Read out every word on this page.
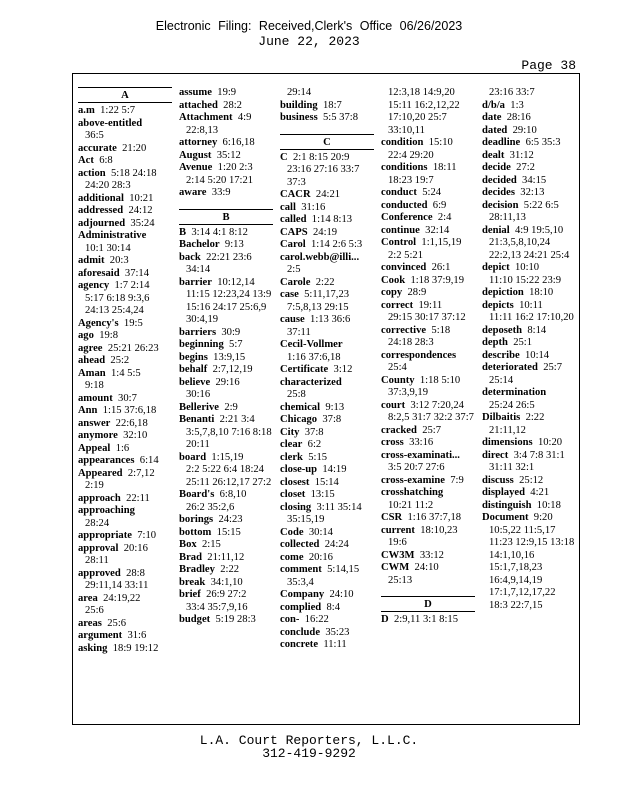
Electronic Filing: Received,Clerk's Office 06/26/2023
June 22, 2023
Page 38
A
a.m 1:22 5:7
above-entitled
36:5
accurate 21:20
Act 6:8
action 5:18 24:18
24:20 28:3
additional 10:21
addressed 24:12
adjourned 35:24
Administrative
10:1 30:14
admit 20:3
aforesaid 37:14
agency 1:7 2:14
5:17 6:18 9:3,6 24:13 25:4,24
Agency's 19:5
ago 19:8
agree 25:21 26:23
ahead 25:2
Aman 1:4 5:5
9:18
amount 30:7
Ann 1:15 37:6,18
answer 22:6,18
anymore 32:10
Appeal 1:6
appearances 6:14
Appeared 2:7,12
2:19
approach 22:11
approaching
28:24
appropriate 7:10
approval 20:16
28:11
approved 28:8
29:11,14 33:11
area 24:19,22
25:6
areas 25:6
argument 31:6
asking 18:9 19:12
assume 19:9
attached 28:2
Attachment 4:9
22:8,13
attorney 6:16,18
August 35:12
Avenue 1:20 2:3
2:14 5:20 17:21
aware 33:9
B
B 3:14 4:1 8:12
Bachelor 9:13
back 22:21 23:6
34:14
barrier 10:12,14
11:15 12:23,24 13:9 15:16 24:17 25:6,9 30:4,19
barriers 30:9
beginning 5:7
begins 13:9,15
behalf 2:7,12,19
believe 29:16
30:16
Bellerive 2:9
Benanti 2:21 3:4
3:5,7,8,10 7:16 8:18 20:11
board 1:15,19
2:2 5:22 6:4 18:24 25:11 26:12,17 27:2
Board's 6:8,10
26:2 35:2,6
borings 24:23
bottom 15:15
Box 2:15
Brad 21:11,12
Bradley 2:22
break 34:1,10
brief 26:9 27:2
33:4 35:7,9,16
budget 5:19 28:3
29:14
building 18:7
business 5:5 37:8
C
C 2:1 8:15 20:9
23:16 27:16 33:7 37:3
CACR 24:21
call 31:16
called 1:14 8:13
CAPS 24:19
Carol 1:14 2:6 5:3
carol.webb@illi...
2:5
Carole 2:22
case 5:11,17,23
7:5,8,13 29:15
cause 1:13 36:6
37:11
Cecil-Vollmer
1:16 37:6,18
Certificate 3:12
characterized
25:8
chemical 9:13
Chicago 37:8
City 37:8
clear 6:2
clerk 5:15
close-up 14:19
closest 15:14
closet 13:15
closing 3:11 35:14
35:15,19
Code 30:14
collected 24:24
come 20:16
comment 5:14,15
35:3,4
Company 24:10
complied 8:4
con- 16:22
conclude 35:23
concrete 11:11
12:3,18 14:9,20 15:11 16:2,12,22 17:10,20 25:7 33:10,11
condition 15:10
22:4 29:20
conditions 18:11
18:23 19:7
conduct 5:24
conducted 6:9
Conference 2:4
continue 32:14
Control 1:1,15,19
2:2 5:21
convinced 26:1
Cook 1:18 37:9,19
copy 28:9
correct 19:11
29:15 30:17 37:12
corrective 5:18
24:18 28:3
correspondences
25:4
County 1:18 5:10
37:3,9,19
court 3:12 7:20,24
8:2,5 31:7 32:2 37:7
cracked 25:7
cross 33:16
cross-examinati...
3:5 20:7 27:6
cross-examine 7:9
crosshatching
10:21 11:2
CSR 1:16 37:7,18
current 18:10,23
19:6
CW3M 33:12
CWM 24:10
25:13
D
D 2:9,11 3:1 8:15
23:16 33:7
d/b/a 1:3
date 28:16
dated 29:10
deadline 6:5 35:3
dealt 31:12
decide 27:2
decided 34:15
decides 32:13
decision 5:22 6:5
28:11,13
denial 4:9 19:5,10
21:3,5,8,10,24 22:2,13 24:21 25:4
depict 10:10
11:10 15:22 23:9
depiction 18:10
depicts 10:11
11:11 16:2 17:10,20
deposeth 8:14
depth 25:1
describe 10:14
deteriorated 25:7
25:14
determination
25:24 26:5
Dilbaitis 2:22
21:11,12
dimensions 10:20
direct 3:4 7:8 31:1
31:11 32:1
discuss 25:12
displayed 4:21
distinguish 10:18
Document 9:20
10:5,22 11:5,17 11:23 12:9,15 13:18 14:1,10,16 15:1,7,18,23 16:4,9,14,19 17:1,7,12,17,22 18:3 22:7,15
L.A. Court Reporters, L.L.C.
312-419-9292
